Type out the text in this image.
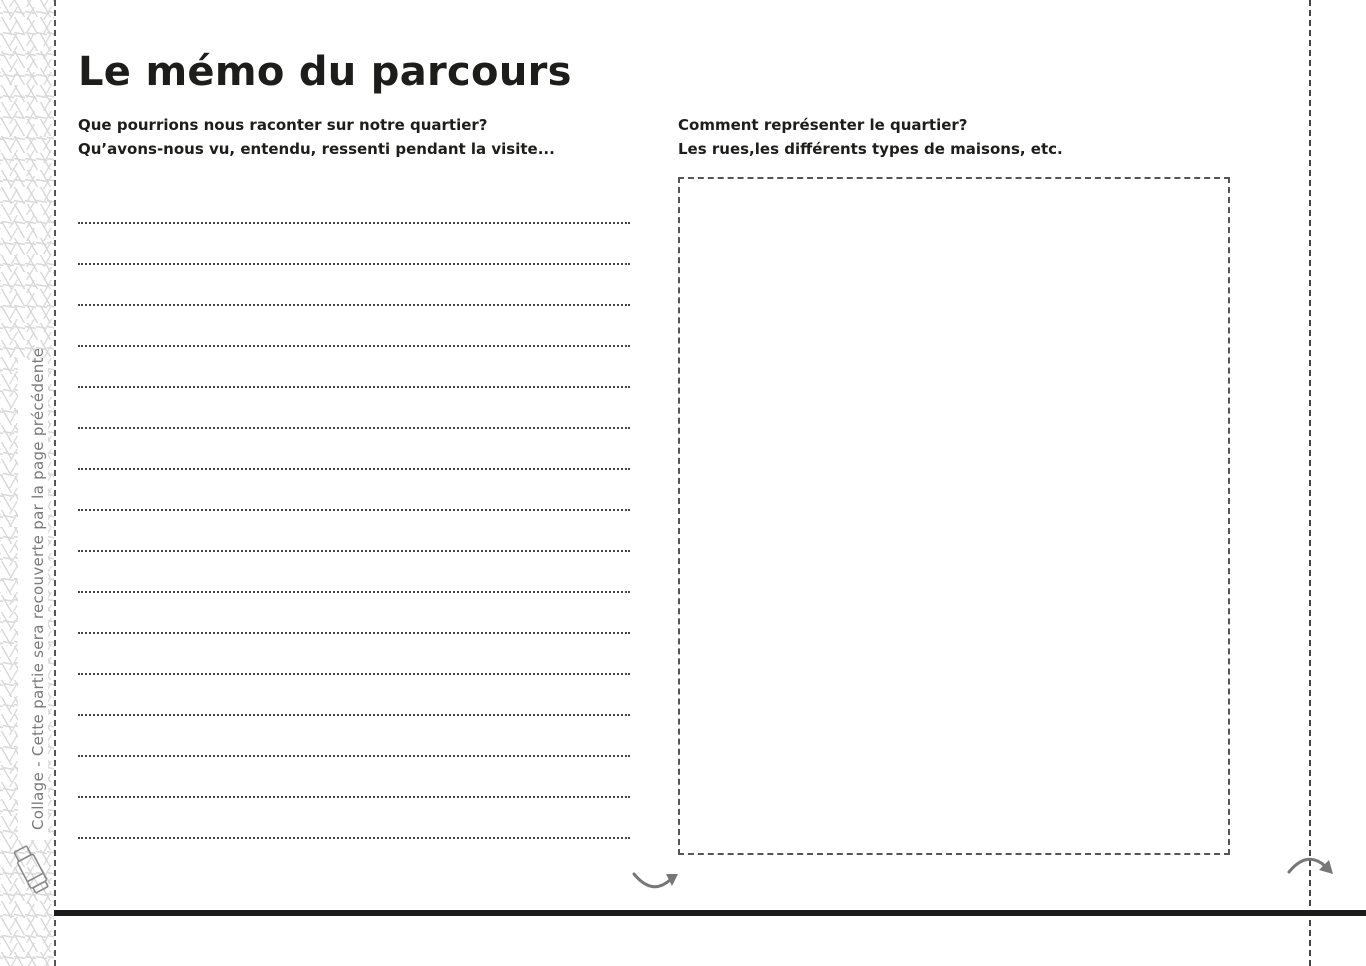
Collage - Cette partie sera recouverte par la page précédente
Le mémo du parcours
Que pourrions nous raconter sur notre quartier?
Qu’avons-nous vu, entendu, ressenti pendant la visite...
Comment représenter le quartier?
Les rues,les différents types de maisons, etc.
